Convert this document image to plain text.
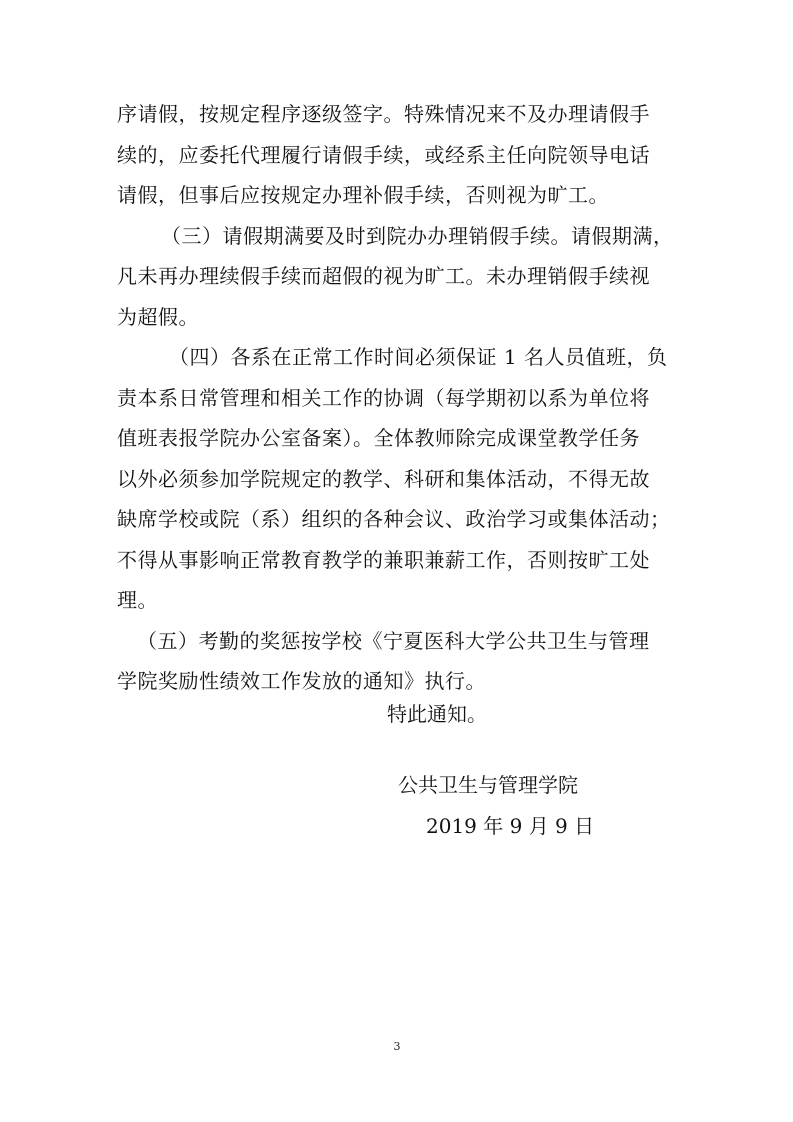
序请假，按规定程序逐级签字。特殊情况来不及办理请假手
续的，应委托代理履行请假手续，或经系主任向院领导电话
请假，但事后应按规定办理补假手续，否则视为旷工。

（三）请假期满要及时到院办办理销假手续。请假期满，
凡未再办理续假手续而超假的视为旷工。未办理销假手续视
为超假。

（四）各系在正常工作时间必须保证 1 名人员值班，负
责本系日常管理和相关工作的协调（每学期初以系为单位将
值班表报学院办公室备案）。全体教师除完成课堂教学任务
以外必须参加学院规定的教学、科研和集体活动，不得无故
缺席学校或院（系）组织的各种会议、政治学习或集体活动；
不得从事影响正常教育教学的兼职兼薪工作，否则按旷工处
理。

（五）考勤的奖惩按学校《宁夏医科大学公共卫生与管理
学院奖励性绩效工作发放的通知》执行。

特此通知。
公共卫生与管理学院
2019 年 9 月 9 日
3
